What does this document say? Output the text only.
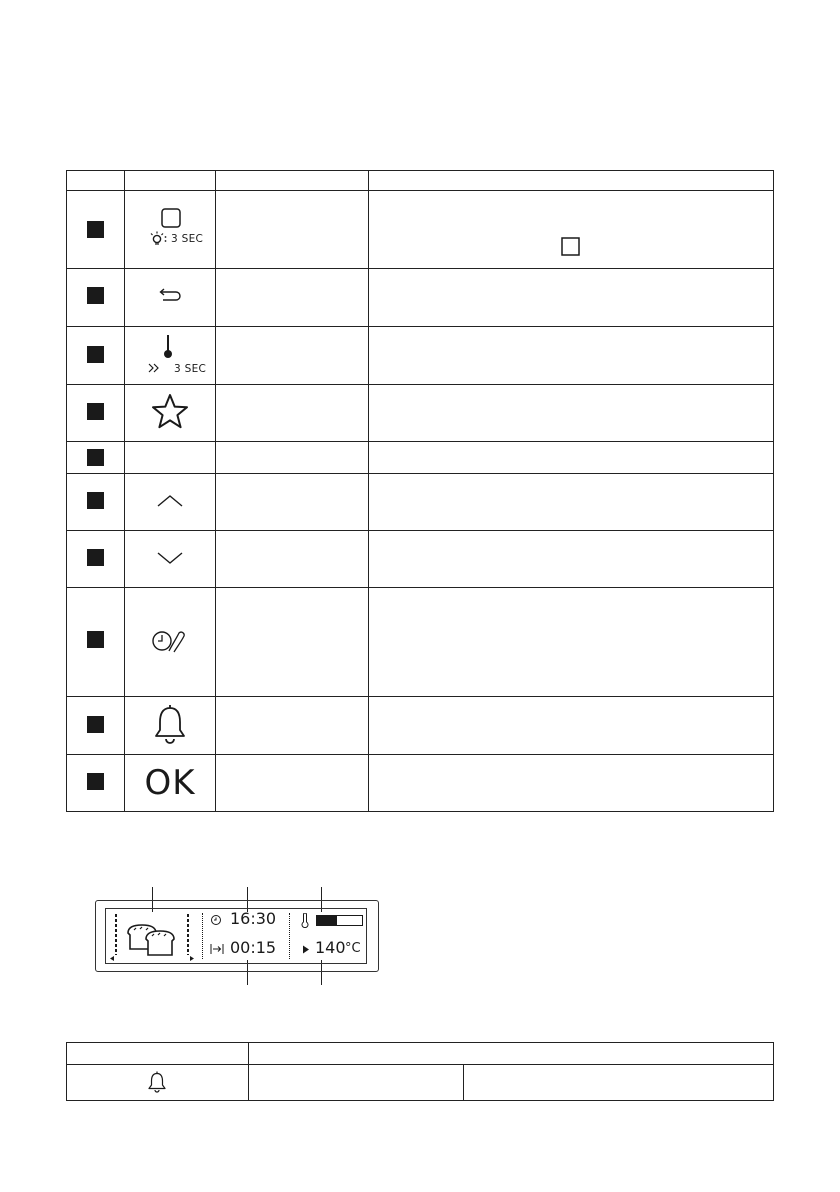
3 SEC
3 SEC
OK
16:30
00:15 140 °C
